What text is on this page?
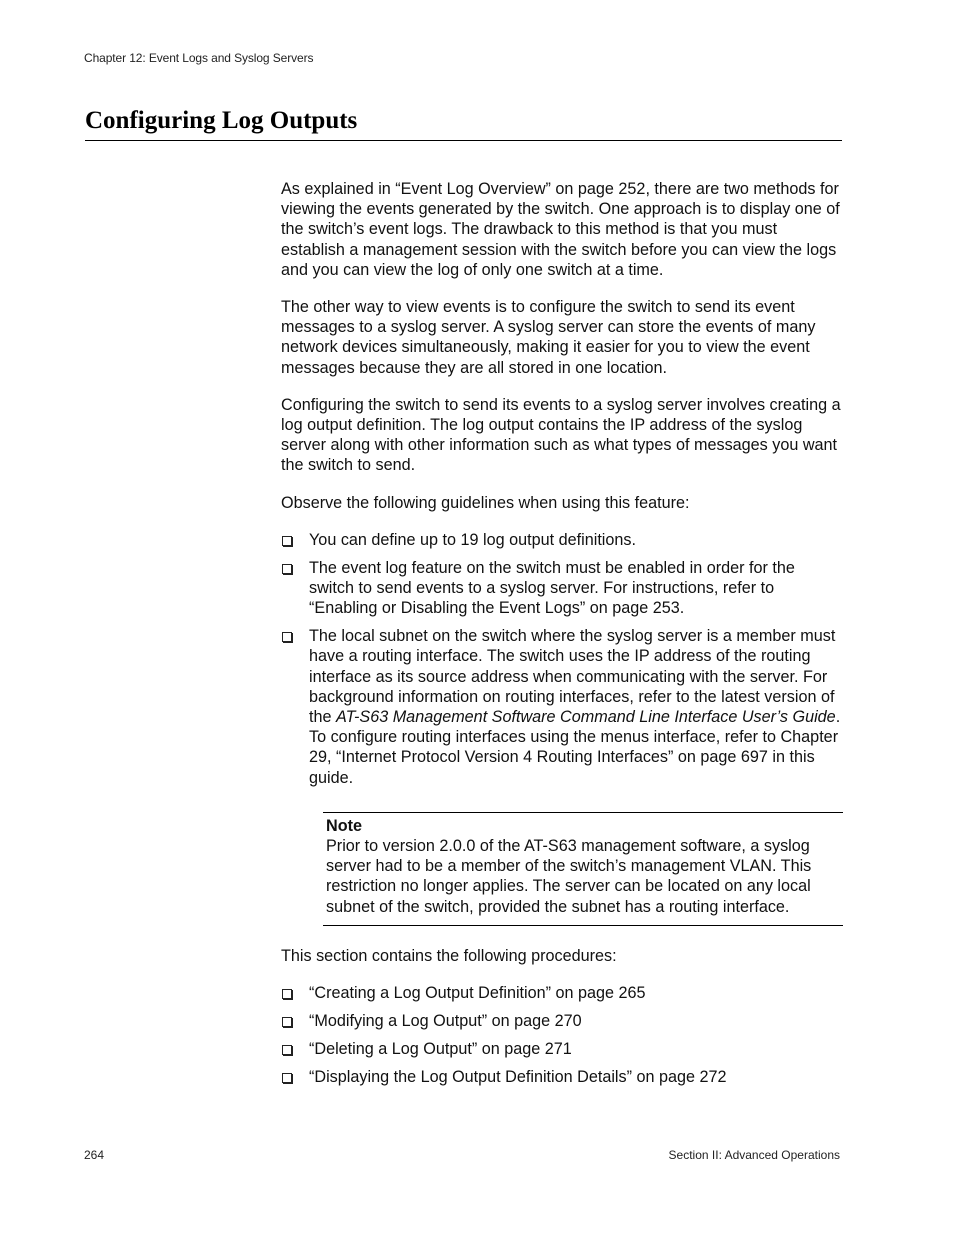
Chapter 12: Event Logs and Syslog Servers
Configuring Log Outputs

As explained in “Event Log Overview” on page 252, there are two methods for viewing the events generated by the switch. One approach is to display one of the switch’s event logs. The drawback to this method is that you must establish a management session with the switch before you can view the logs and you can view the log of only one switch at a time.

The other way to view events is to configure the switch to send its event messages to a syslog server. A syslog server can store the events of many network devices simultaneously, making it easier for you to view the event messages because they are all stored in one location.

Configuring the switch to send its events to a syslog server involves creating a log output definition. The log output contains the IP address of the syslog server along with other information such as what types of messages you want the switch to send.

Observe the following guidelines when using this feature:

You can define up to 19 log output definitions.
The event log feature on the switch must be enabled in order for the switch to send events to a syslog server. For instructions, refer to “Enabling or Disabling the Event Logs” on page 253.
The local subnet on the switch where the syslog server is a member must have a routing interface. The switch uses the IP address of the routing interface as its source address when communicating with the server. For background information on routing interfaces, refer to the latest version of the AT-S63 Management Software Command Line Interface User’s Guide. To configure routing interfaces using the menus interface, refer to Chapter 29, “Internet Protocol Version 4 Routing Interfaces” on page 697 in this guide.
Note
Prior to version 2.0.0 of the AT-S63 management software, a syslog server had to be a member of the switch’s management VLAN. This restriction no longer applies. The server can be located on any local subnet of the switch, provided the subnet has a routing interface.

This section contains the following procedures:

“Creating a Log Output Definition” on page 265
“Modifying a Log Output” on page 270
“Deleting a Log Output” on page 271
“Displaying the Log Output Definition Details” on page 272
264	Section II: Advanced Operations
